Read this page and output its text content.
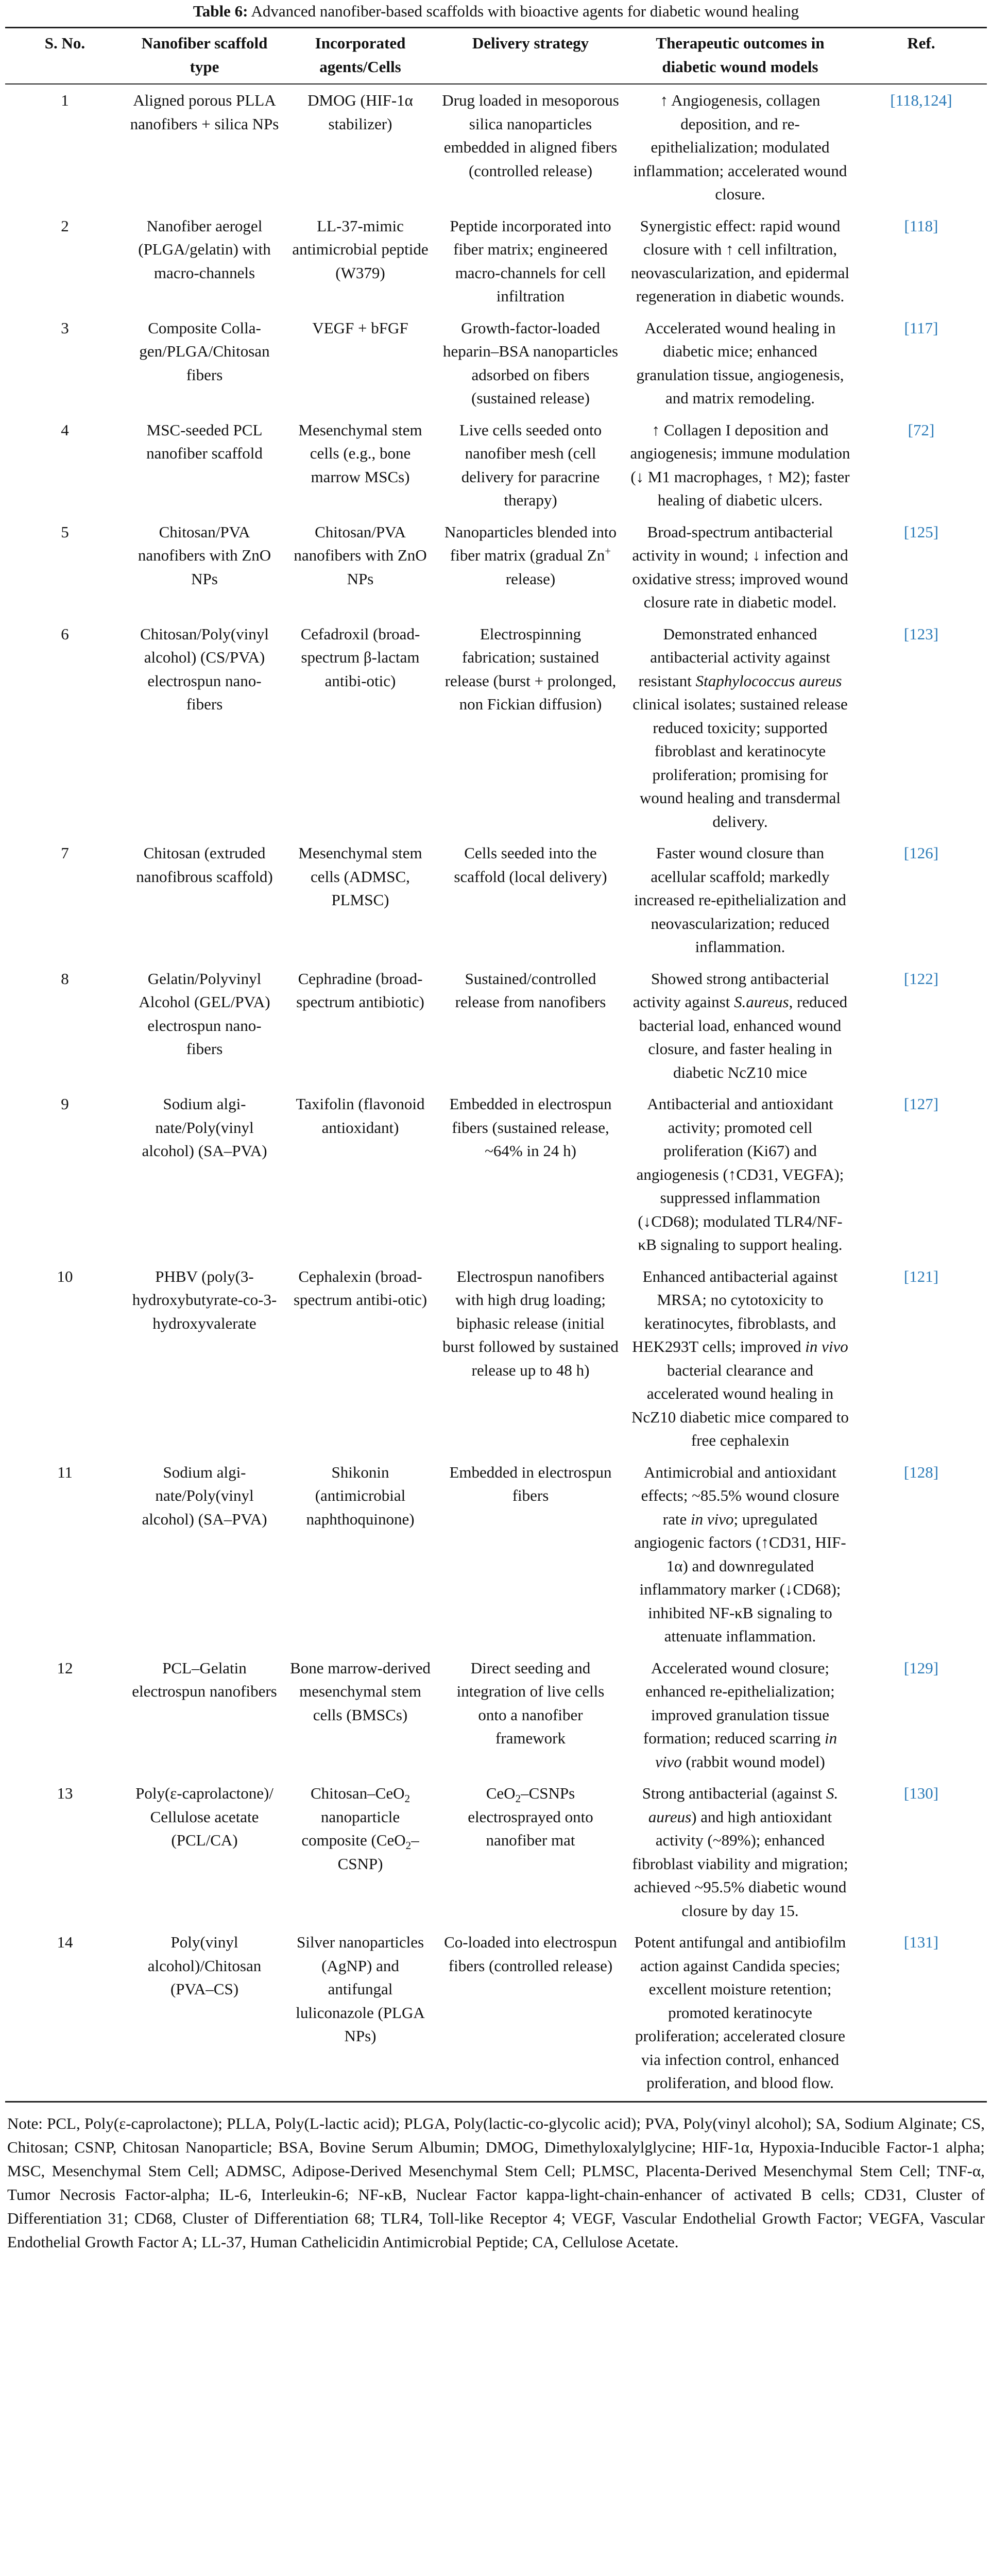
Table 6: Advanced nanofiber-based scaffolds with bioactive agents for diabetic wound healing
S. No.	Nanofiber scaffold type	Incorporated agents/Cells	Delivery strategy	Therapeutic outcomes in diabetic wound models	Ref.
1	Aligned porous PLLA nanofibers + silica NPs	DMOG (HIF-1α stabilizer)	Drug loaded in mesoporous silica nanoparticles embedded in aligned fibers (controlled release)	↑ Angiogenesis, collagen deposition, and re-epithelialization; modulated inflammation; accelerated wound closure.	[118,124]
2	Nanofiber aerogel (PLGA/gelatin) with macro-channels	LL-37-mimic antimicrobial peptide (W379)	Peptide incorporated into fiber matrix; engineered macro-channels for cell infiltration	Synergistic effect: rapid wound closure with ↑ cell infiltration, neovascularization, and epidermal regeneration in diabetic wounds.	[118]
3	Composite Colla-gen/PLGA/Chitosan fibers	VEGF + bFGF	Growth-factor-loaded heparin–BSA nanoparticles adsorbed on fibers (sustained release)	Accelerated wound healing in diabetic mice; enhanced granulation tissue, angiogenesis, and matrix remodeling.	[117]
4	MSC-seeded PCL nanofiber scaffold	Mesenchymal stem cells (e.g., bone marrow MSCs)	Live cells seeded onto nanofiber mesh (cell delivery for paracrine therapy)	↑ Collagen I deposition and angiogenesis; immune modulation (↓ M1 macrophages, ↑ M2); faster healing of diabetic ulcers.	[72]
5	Chitosan/PVA nanofibers with ZnO NPs	Chitosan/PVA nanofibers with ZnO NPs	Nanoparticles blended into fiber matrix (gradual Zn+ release)	Broad-spectrum antibacterial activity in wound; ↓ infection and oxidative stress; improved wound closure rate in diabetic model.	[125]
6	Chitosan/Poly(vinyl alcohol) (CS/PVA) electrospun nano-fibers	Cefadroxil (broad-spectrum β-lactam antibi-otic)	Electrospinning fabrication; sustained release (burst + prolonged, non Fickian diffusion)	Demonstrated enhanced antibacterial activity against resistant Staphylococcus aureus clinical isolates; sustained release reduced toxicity; supported fibroblast and keratinocyte proliferation; promising for wound healing and transdermal delivery.	[123]
7	Chitosan (extruded nanofibrous scaffold)	Mesenchymal stem cells (ADMSC, PLMSC)	Cells seeded into the scaffold (local delivery)	Faster wound closure than acellular scaffold; markedly increased re-epithelialization and neovascularization; reduced inflammation.	[126]
8	Gelatin/Polyvinyl Alcohol (GEL/PVA) electrospun nano-fibers	Cephradine (broad-spectrum antibiotic)	Sustained/controlled release from nanofibers	Showed strong antibacterial activity against S.aureus, reduced bacterial load, enhanced wound closure, and faster healing in diabetic NcZ10 mice	[122]
9	Sodium algi-nate/Poly(vinyl alcohol) (SA–PVA)	Taxifolin (flavonoid antioxidant)	Embedded in electrospun fibers (sustained release, ~64% in 24 h)	Antibacterial and antioxidant activity; promoted cell proliferation (Ki67) and angiogenesis (↑CD31, VEGFA); suppressed inflammation (↓CD68); modulated TLR4/NF-κB signaling to support healing.	[127]
10	PHBV (poly(3-hydroxybutyrate-co-3-hydroxyvalerate	Cephalexin (broad-spectrum antibi-otic)	Electrospun nanofibers with high drug loading; biphasic release (initial burst followed by sustained release up to 48 h)	Enhanced antibacterial against MRSA; no cytotoxicity to keratinocytes, fibroblasts, and HEK293T cells; improved in vivo bacterial clearance and accelerated wound healing in NcZ10 diabetic mice compared to free cephalexin	[121]
11	Sodium algi-nate/Poly(vinyl alcohol) (SA–PVA)	Shikonin (antimicrobial naphthoquinone)	Embedded in electrospun fibers	Antimicrobial and antioxidant effects; ~85.5% wound closure rate in vivo; upregulated angiogenic factors (↑CD31, HIF-1α) and downregulated inflammatory marker (↓CD68); inhibited NF-κB signaling to attenuate inflammation.	[128]
12	PCL–Gelatin electrospun nanofibers	Bone marrow-derived mesenchymal stem cells (BMSCs)	Direct seeding and integration of live cells onto a nanofiber framework	Accelerated wound closure; enhanced re-epithelialization; improved granulation tissue formation; reduced scarring in vivo (rabbit wound model)	[129]
13	Poly(ε-caprolactone)/ Cellulose acetate (PCL/CA)	Chitosan–CeO$_2$ nanoparticle composite (CeO$_2$–CSNP)	CeO$_2$–CSNPs electrosprayed onto nanofiber mat	Strong antibacterial (against S. aureus) and high antioxidant activity (~89%); enhanced fibroblast viability and migration; achieved ~95.5% diabetic wound closure by day 15.	[130]
14	Poly(vinyl alcohol)/Chitosan (PVA–CS)	Silver nanoparticles (AgNP) and antifungal luliconazole (PLGA NPs)	Co-loaded into electrospun fibers (controlled release)	Potent antifungal and antibiofilm action against Candida species; excellent moisture retention; promoted keratinocyte proliferation; accelerated closure via infection control, enhanced proliferation, and blood flow.	[131]
Note: PCL, Poly(ε-caprolactone); PLLA, Poly(L-lactic acid); PLGA, Poly(lactic-co-glycolic acid); PVA, Poly(vinyl alcohol); SA, Sodium Alginate; CS, Chitosan; CSNP, Chitosan Nanoparticle; BSA, Bovine Serum Albumin; DMOG, Dimethyloxalylglycine; HIF-1α, Hypoxia-Inducible Factor-1 alpha; MSC, Mesenchymal Stem Cell; ADMSC, Adipose-Derived Mesenchymal Stem Cell; PLMSC, Placenta-Derived Mesenchymal Stem Cell; TNF-α, Tumor Necrosis Factor-alpha; IL-6, Interleukin-6; NF-κB, Nuclear Factor kappa-light-chain-enhancer of activated B cells; CD31, Cluster of Differentiation 31; CD68, Cluster of Differentiation 68; TLR4, Toll-like Receptor 4; VEGF, Vascular Endothelial Growth Factor; VEGFA, Vascular Endothelial Growth Factor A; LL-37, Human Cathelicidin Antimicrobial Peptide; CA, Cellulose Acetate.
